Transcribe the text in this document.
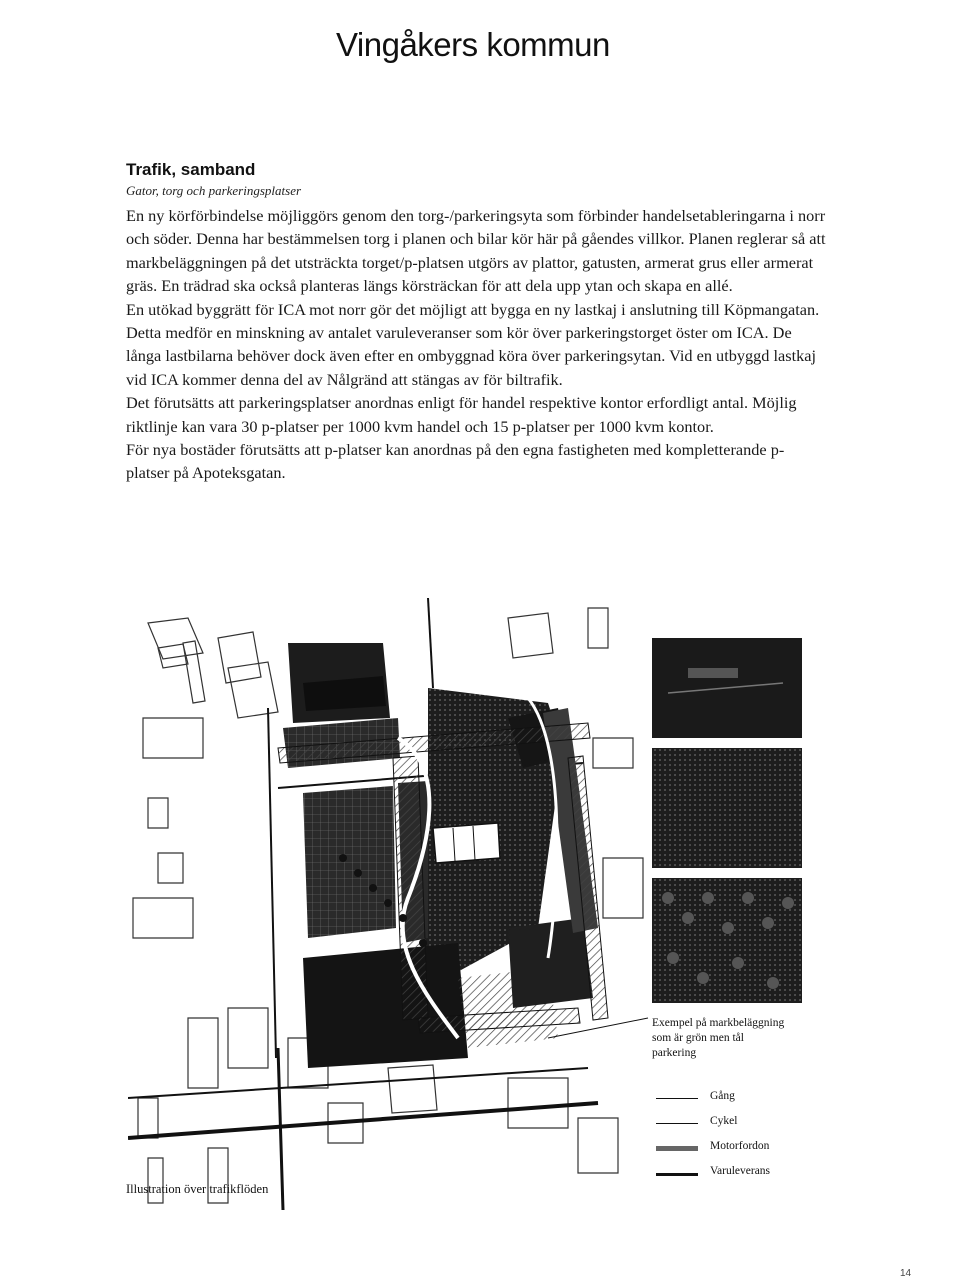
Vingåkers kommun
Trafik, samband
Gator, torg och parkeringsplatser

En ny körförbindelse möjliggörs genom den torg-/parkeringsyta som förbinder handelsetableringarna i norr och söder. Denna har bestämmelsen torg i planen och bilar kör här på gåendes villkor. Planen reglerar så att markbeläggningen på det utsträckta torget/p-platsen utgörs av plattor, gatusten, armerat grus eller armerat gräs. En trädrad ska också planteras längs körsträckan för att dela upp ytan och skapa en allé.

En utökad byggrätt för ICA mot norr gör det möjligt att bygga en ny lastkaj i anslutning till Köpmangatan. Detta medför en minskning av antalet varuleveranser som kör över parkeringstorget öster om ICA. De långa lastbilarna behöver dock även efter en ombyggnad köra över parkeringsytan. Vid en utbyggd lastkaj vid ICA kommer denna del av Nålgränd att stängas av för biltrafik.

Det förutsätts att parkeringsplatser anordnas enligt för handel respektive kontor erfordligt antal. Möjlig riktlinje kan vara 30 p-platser per 1000 kvm handel och 15 p-platser per 1000 kvm kontor.

För nya bostäder förutsätts att p-platser kan anordnas på den egna fastigheten med kompletterande p-platser på Apoteksgatan.

Exempel på markbeläggning
som är grön men tål
parkering
Gång
Cykel
Motorfordon
Varuleverans
Illustration över trafikflöden
14
